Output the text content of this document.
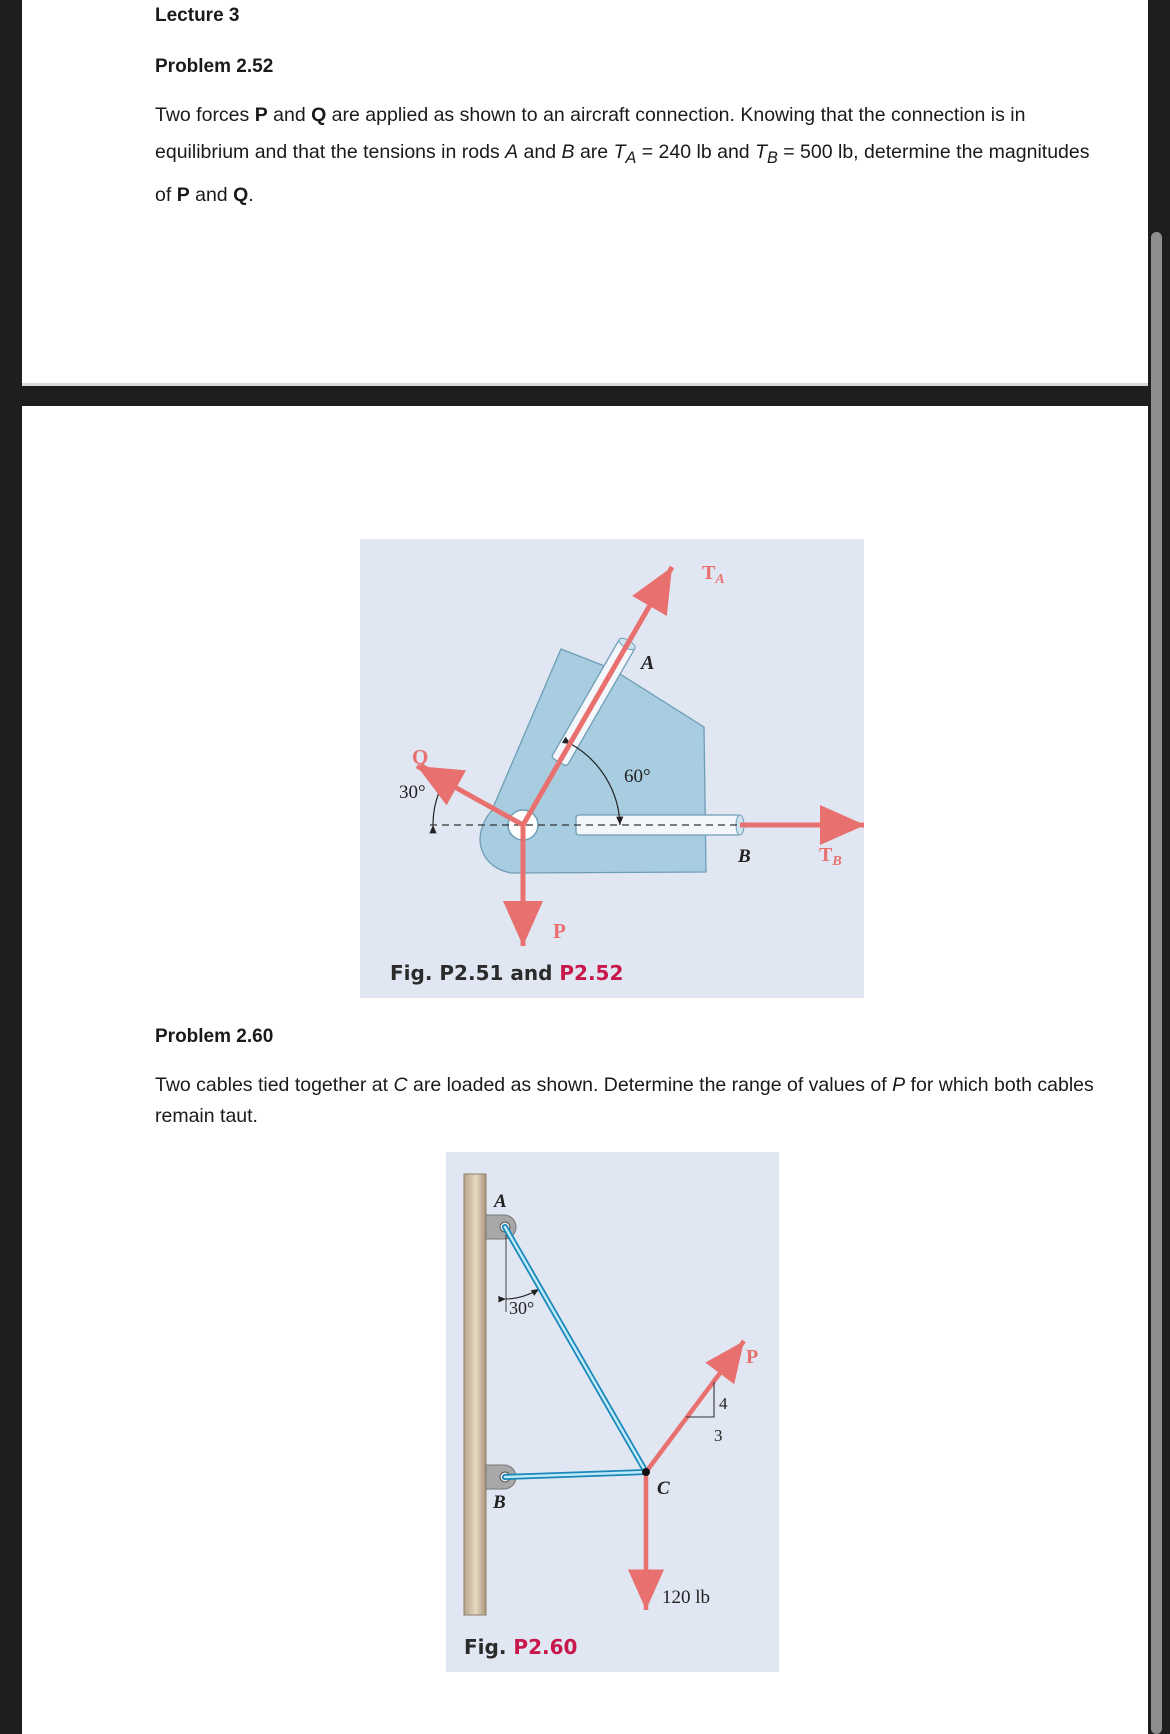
Lecture 3
Problem 2.52
Two forces P and Q are applied as shown to an aircraft connection. Knowing that the connection is in equilibrium and that the tensions in rods A and B are $T_A = 240$ lb and $T_B = 500$ lb, determine the magnitudes of P and Q.
$T_A$
A
Q
60°
30°
B	$T_B$
P
Fig. P2.51 and P2.52
Problem 2.60
Two cables tied together at C are loaded as shown. Determine the range of values of P for which both cables remain taut.
A
30°
P
4
3
B
C
120 lb
Fig. P2.60
